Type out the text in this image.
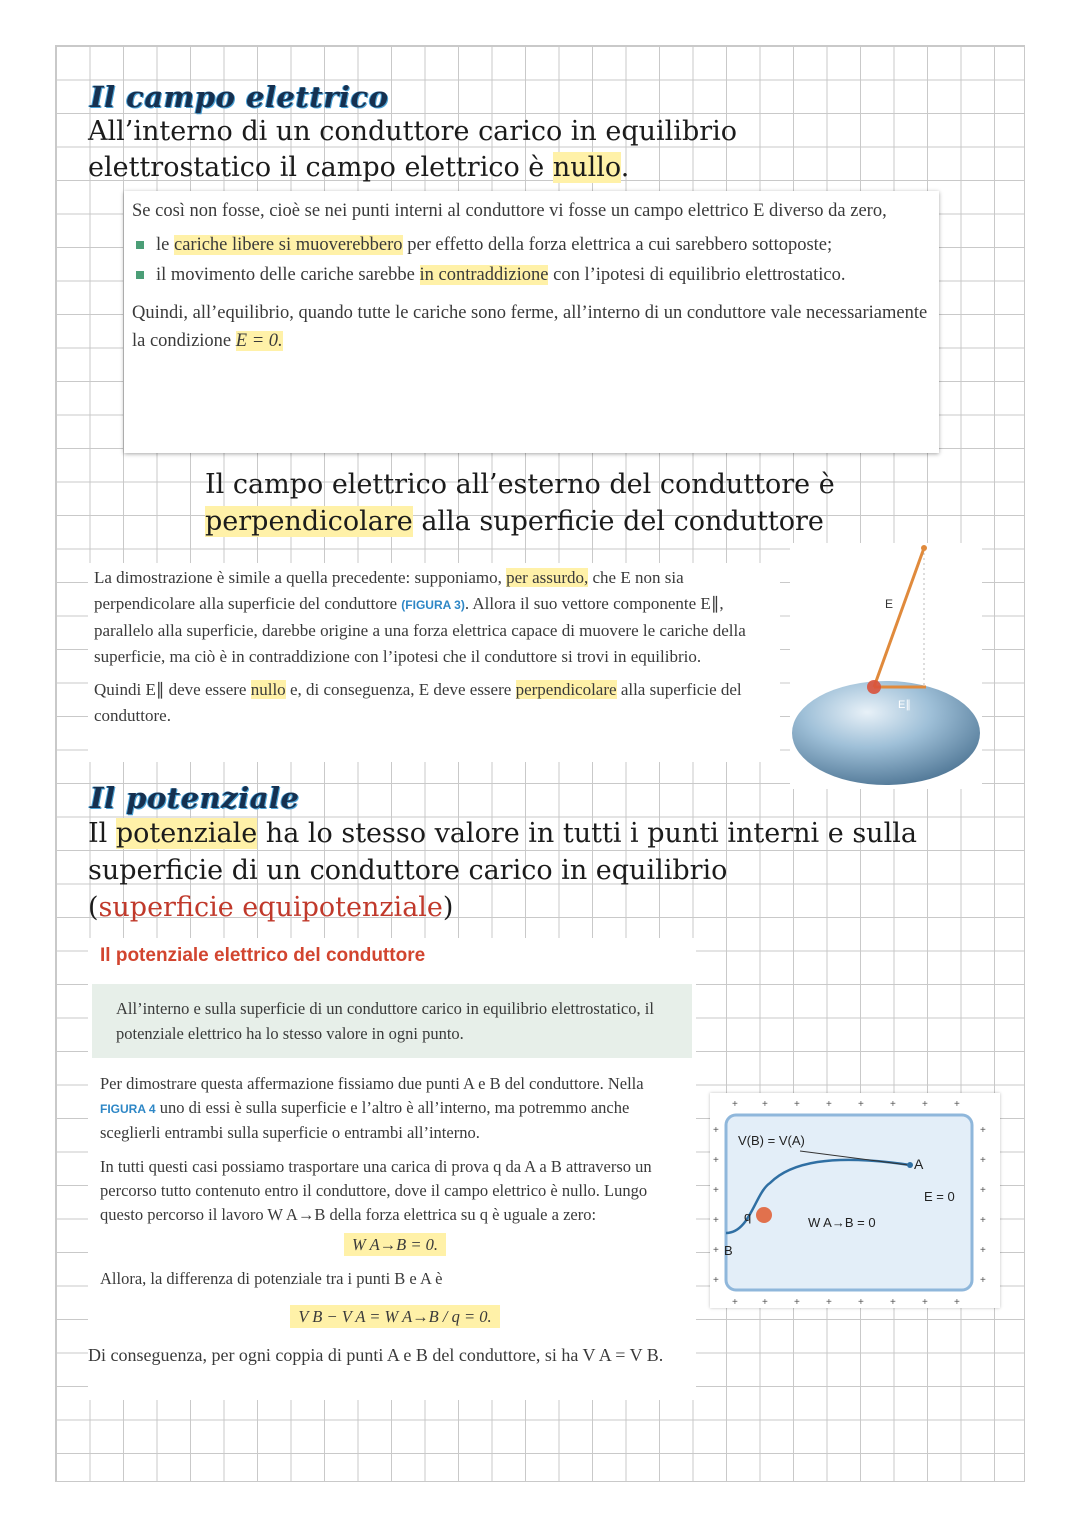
Il campo elettrico

All’interno di un conduttore carico in equilibrio elettrostatico il campo elettrico è nullo.

Se così non fosse, cioè se nei punti interni al conduttore vi fosse un campo elettrico E diverso da zero,

le cariche libere si muoverebbero per effetto della forza elettrica a cui sarebbero sottoposte;
il movimento delle cariche sarebbe in contraddizione con l’ipotesi di equilibrio elettrostatico.

Quindi, all’equilibrio, quando tutte le cariche sono ferme, all’interno di un conduttore vale necessariamente la condizione E = 0.

Il campo elettrico all’esterno del conduttore è
perpendicolare alla superficie del conduttore

La dimostrazione è simile a quella precedente: supponiamo, per assurdo, che E non sia perpendicolare alla superficie del conduttore (FIGURA 3). Allora il suo vettore componente E∥, parallelo alla superficie, darebbe origine a una forza elettrica capace di muovere le cariche della superficie, ma ciò è in contraddizione con l’ipotesi che il conduttore si trovi in equilibrio.

Quindi E∥ deve essere nullo e, di conseguenza, E deve essere perpendicolare alla superficie del conduttore.

E
E∥
Il potenziale

Il potenziale ha lo stesso valore in tutti i punti interni e sulla superficie di un conduttore carico in equilibrio
(superficie equipotenziale)

Il potenziale elettrico del conduttore
All’interno e sulla superficie di un conduttore carico in equilibrio elettrostatico, il potenziale elettrico ha lo stesso valore in ogni punto.

Per dimostrare questa affermazione fissiamo due punti A e B del conduttore. Nella FIGURA 4 uno di essi è sulla superficie e l’altro è all’interno, ma potremmo anche sceglierli entrambi sulla superficie o entrambi all’interno.

In tutti questi casi possiamo trasportare una carica di prova q da A a B attraverso un percorso tutto contenuto entro il conduttore, dove il campo elettrico è nullo. Lungo questo percorso il lavoro W A→B della forza elettrica su q è uguale a zero:

W A→B = 0.

Allora, la differenza di potenziale tra i punti B e A è

V B − V A = W A→B / q = 0.

Di conseguenza, per ogni coppia di punti A e B del conduttore, si ha V A = V B.

+ +	+	+	+	+	+	+
+ +	+	+	+	+	+	+
+
+
+
+
+
+
+
+
+
+
+
+
V(B) = V(A)
A
B
q
E = 0
W A→B = 0
